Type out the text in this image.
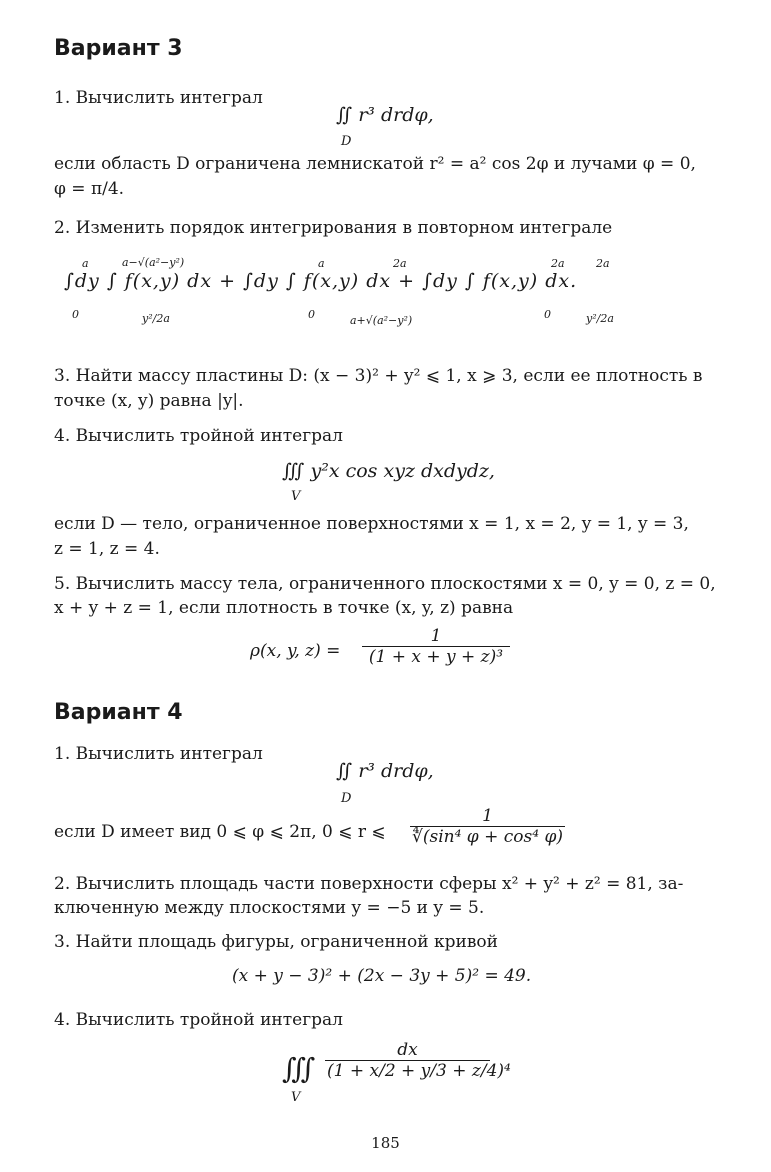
Вариант 3
1. Вычислить интеграл
∬ r³ drdφ,
D
если область D ограничена лемнискатой r² = a² cos 2φ и лучами φ = 0,
φ = π/4.
2. Изменить порядок интегрирования в повторном интеграле
∫dy ∫ f(x,y) dx + ∫dy ∫ f(x,y) dx + ∫dy ∫ f(x,y) dx.
a
0
a−√(a²−y²)
y²/2a
a
0
2a
a+√(a²−y²)
2a
0
2a
y²/2a
3. Найти массу пластины D: (x − 3)² + y² ⩽ 1, x ⩾ 3, если ее плотность в
точке (x, y) равна |y|.
4. Вычислить тройной интеграл
∭ y²x cos xyz dxdydz,
V
если D — тело, ограниченное поверхностями x = 1, x = 2, y = 1, y = 3,
z = 1, z = 4.
5. Вычислить массу тела, ограниченного плоскостями x = 0, y = 0, z = 0,
x + y + z = 1, если плотность в точке (x, y, z) равна
ρ(x, y, $z) = \frac{1}{\text{(1 + x + y + z)³}}$
Вариант 4
1. Вычислить интеграл
∬ r³ drdφ,
D
если D имеет вид 0 ⩽ φ ⩽ 2π, 0 ⩽ r ⩽ $\frac{1}{\text{∜(sin⁴ φ + cos⁴ φ)}}$
2. Вычислить площадь части поверхности сферы x² + y² + z² = 81, за-
ключенную между плоскостями y = −5 и y = 5.
3. Найти площадь фигуры, ограниченной кривой
(x + y − 3)² + (2x − 3y + 5)² = 49.
4. Вычислить тройной интеграл
∭
V
$\frac{dx}{\text{(1 + x/2 + y/3 + z/4)⁴}}$
185
